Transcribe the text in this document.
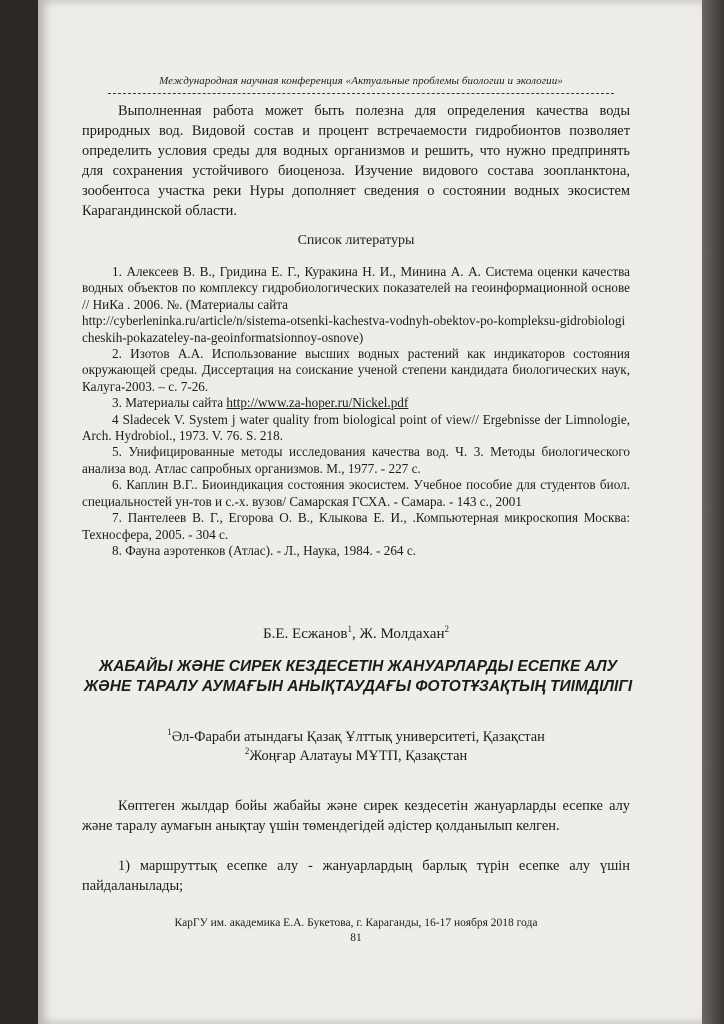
Международная научная конференция «Актуальные проблемы биологии и экологии»
Выполненная работа может быть полезна для определения качества воды природных вод. Видовой состав и процент встречаемости гидробионтов позволяет определить условия среды для водных организмов и решить, что нужно предпринять для сохранения устойчивого биоценоза. Изучение видового состава зоопланктона, зообентоса участка реки Нуры дополняет сведения о состоянии водных экосистем Карагандинской области.
Список литературы

1. Алексеев В. В., Гридина Е. Г., Куракина Н. И., Минина А. А. Система оценки качества водных объектов по комплексу гидробиологических показателей на геоинформационной основе // НиКа . 2006. №. (Материалы сайта

http://cyberleninka.ru/article/n/sistema-otsenki-kachestva-vodnyh-obektov-po-kompleksu-gidrobiologicheskih-pokazateley-na-geoinformatsionnoy-osnove)

2. Изотов А.А. Использование высших водных растений как индикаторов состояния окружающей среды. Диссертация на соискание ученой степени кандидата биологических наук, Калуга-2003. – с. 7-26.

3. Материалы сайта http://www.za-hoper.ru/Nickel.pdf

4 Sladecek V. System j water quality from biological point of view// Ergebnisse der Limnologie, Arch. Hydrobiol., 1973. V. 76. S. 218.

5. Унифицированные методы исследования качества вод. Ч. 3. Методы биологического анализа вод. Атлас сапробных организмов. М., 1977. - 227 с.

6. Каплин В.Г.. Биоиндикация состояния экосистем. Учебное пособие для студентов биол. специальностей ун-тов и с.-х. вузов/ Самарская ГСХА. - Самара. - 143 с., 2001

7. Пантелеев В. Г., Егорова О. В., Клыкова Е. И., .Компьютерная микроскопия Москва: Техносфера, 2005. - 304 с.

8. Фауна аэротенков (Атлас). - Л., Наука, 1984. - 264 с.

Б.Е. Есжанов$^1$, Ж. Молдахан$^2$
ЖАБАЙЫ ЖӘНЕ СИРЕК КЕЗДЕСЕТІН ЖАНУАРЛАРДЫ ЕСЕПКЕ АЛУ ЖӘНЕ ТАРАЛУ АУМАҒЫН АНЫҚТАУДАҒЫ ФОТОТҰЗАҚТЫҢ ТИІМДІЛІГІ
$^1$Әл-Фараби атындағы Қазақ Ұлттық университеті, Қазақстан
$^2$Жоңғар Алатауы МҰТП, Қазақстан
Көптеген жылдар бойы жабайы және сирек кездесетін жануарларды есепке алу және таралу аумағын анықтау үшін төмендегідей әдістер қолданылып келген.
1) маршруттық есепке алу - жануарлардың барлық түрін есепке алу үшін пайдаланылады;
КарГУ им. академика Е.А. Букетова, г. Караганды, 16-17 ноября 2018 года
81
